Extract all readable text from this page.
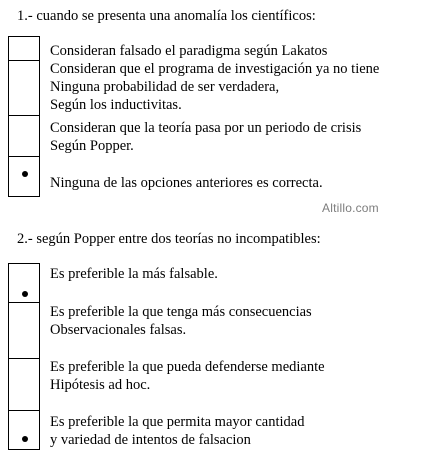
1.- cuando se presenta una anomalía los científicos:
Consideran falsado el paradigma según Lakatos
Consideran que el programa de investigación ya no tiene
Ninguna probabilidad de ser verdadera,
Según los inductivitas.
Consideran que la teoría pasa por un periodo de crisis
Según Popper.
Ninguna de las opciones anteriores es correcta.
Altillo.com
2.- según Popper entre dos teorías no incompatibles:
Es preferible la más falsable.
Es preferible la que tenga más consecuencias
Observacionales falsas.
Es preferible la que pueda defenderse mediante
Hipótesis ad hoc.
Es preferible la que permita mayor cantidad
y variedad de intentos de falsacion
